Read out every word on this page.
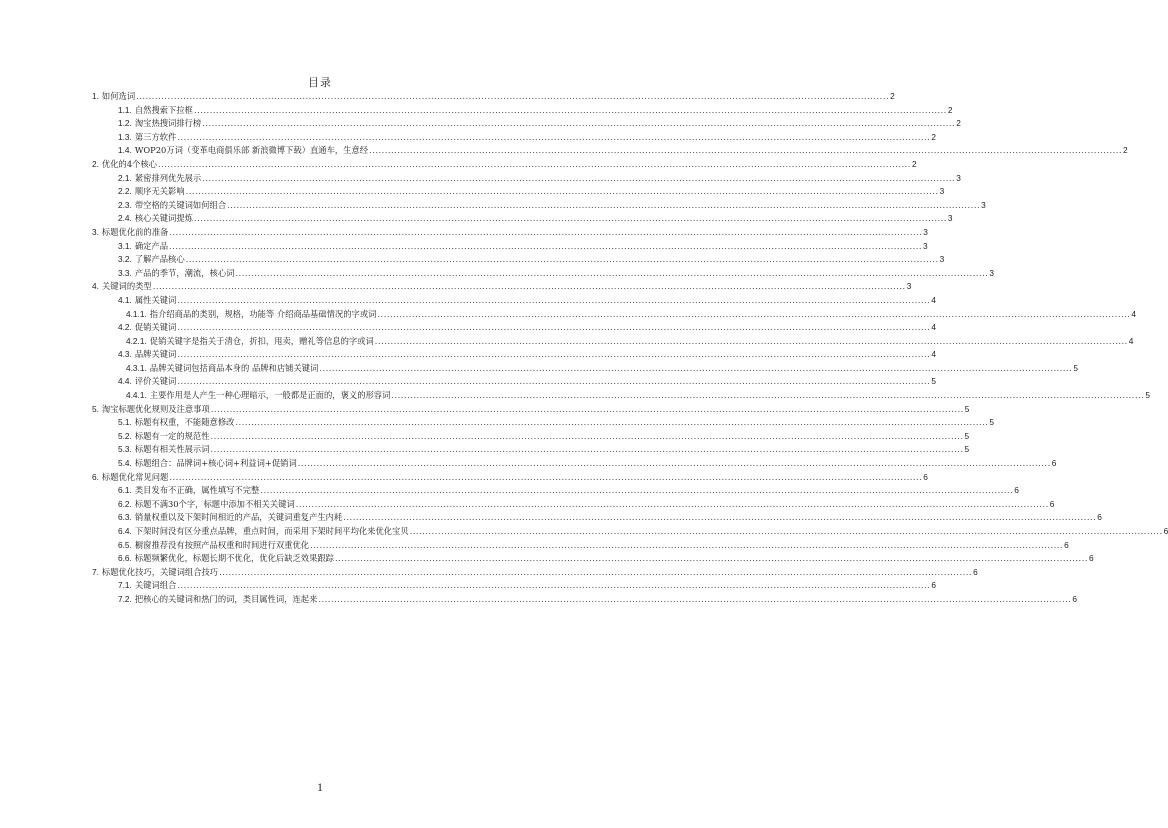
目录
1. 如何选词 .....	2
1.1. 自然搜索下拉框 .....	2
1.2. 淘宝热搜词排行榜 .....	2
1.3. 第三方软件 .....	2
1.4. WOP20万词（变革电商俱乐部 新浪微博下载）直通车，生意经 .....	2
2. 优化的4个核心 .....	2
2.1. 紧密排列优先展示 .....	3
2.2. 顺序无关影响 .....	3
2.3. 带空格的关键词如何组合 .....	3
2.4. 核心关键词提炼 .....	3
3. 标题优化前的准备 .....	3
3.1. 确定产品 .....	3
3.2. 了解产品核心 .....	3
3.3. 产品的季节，潮流，核心词 .....	3
4. 关键词的类型 .....	3
4.1. 属性关键词 .....	4
4.1.1. 指介绍商品的类别，规格，功能等 介绍商品基础情况的字或词 .....	4
4.2. 促销关键词 .....	4
4.2.1. 促销关键字是指关于清仓，折扣，甩卖，赠礼等信息的字或词 .....	4
4.3. 品牌关键词 .....	4
4.3.1. 品牌关键词包括商品本身的 品牌和店铺关键词 .....	5
4.4. 评价关键词 .....	5
4.4.1. 主要作用是人产生一种心理暗示，一般都是正面的，褒义的形容词 .....	5
5. 淘宝标题优化规则及注意事项 .....	5
5.1. 标题有权重，不能随意修改 .....	5
5.2. 标题有一定的规范性 .....	5
5.3. 标题有相关性展示词 .....	5
5.4. 标题组合：品牌词+核心词+利益词+促销词 .....	6
6. 标题优化常见问题 .....	6
6.1. 类目发布不正确，属性填写不完整 .....	6
6.2. 标题不满30个字，标题中添加不相关关键词 .....	6
6.3. 销量权重以及下架时间相近的产品，关键词重复产生内耗 .....	6
6.4. 下架时间没有区分重点品牌，重点时间，而采用下架时间平均化来优化宝贝 .....	6
6.5. 橱窗推荐没有按照产品权重和时间进行双重优化 .....	6
6.6. 标题频繁优化，标题长期不优化，优化后缺乏效果跟踪 .....	6
7. 标题优化技巧，关键词组合技巧 .....	6
7.1. 关键词组合 .....	6
7.2. 把核心的关键词和热门的词，类目属性词，连起来 .....	6
1
